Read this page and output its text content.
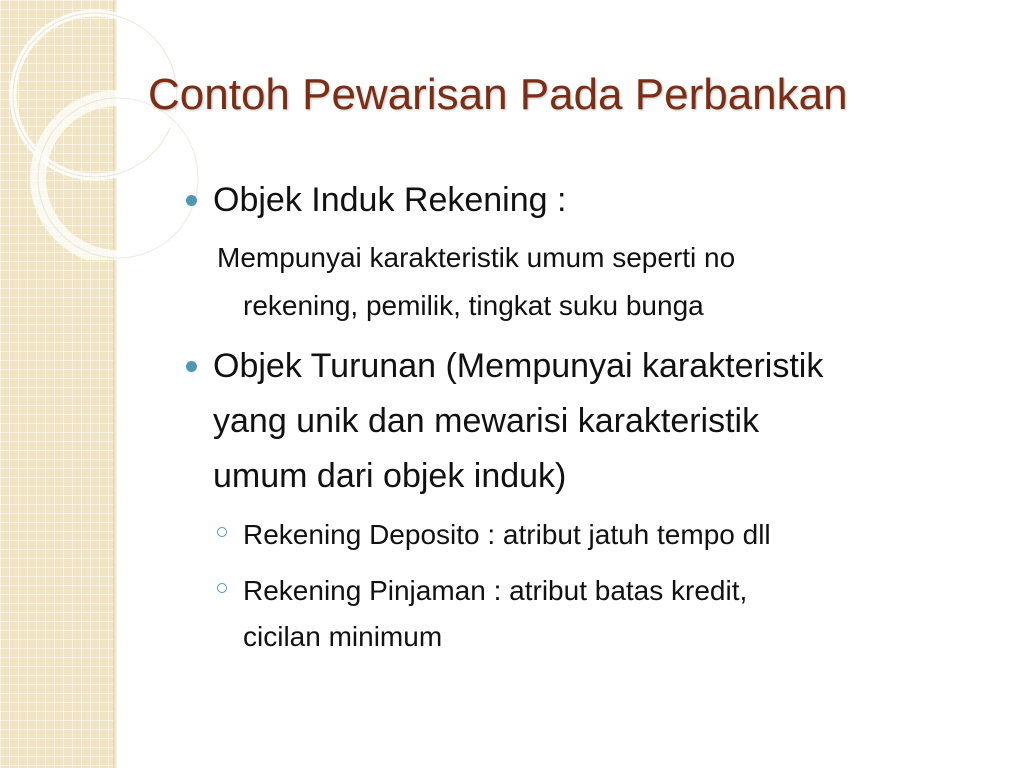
Contoh Pewarisan Pada Perbankan
Objek Induk Rekening :
Mempunyai karakteristik umum seperti no
rekening, pemilik, tingkat suku bunga
Objek Turunan (Mempunyai karakteristik
yang unik dan mewarisi karakteristik
umum dari objek induk)
Rekening Deposito : atribut jatuh tempo dll
Rekening Pinjaman : atribut batas kredit,
cicilan minimum
